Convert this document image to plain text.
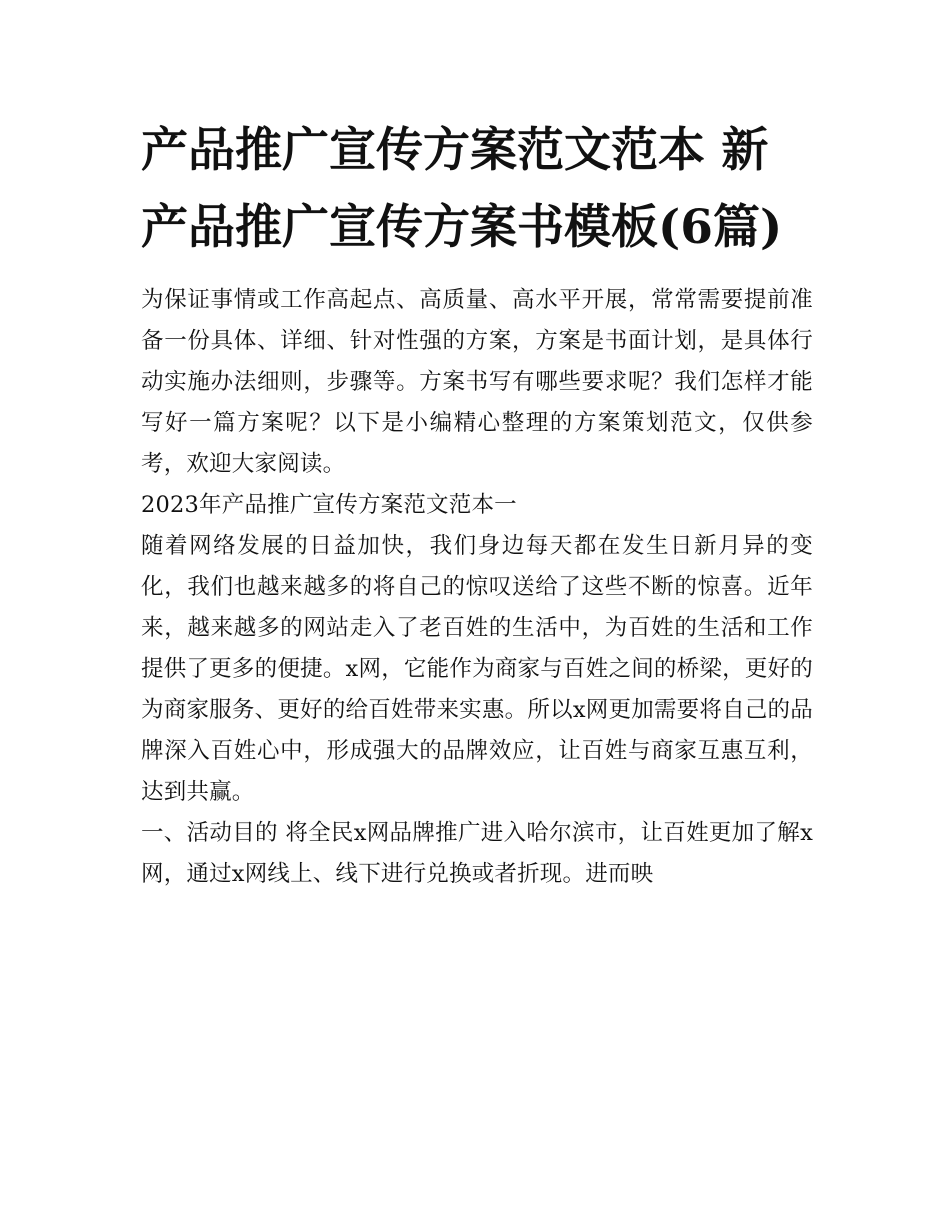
产品推广宣传方案范文范本 新产品推广宣传方案书模板(6篇)

为保证事情或工作高起点、高质量、高水平开展，常常需要提前准备一份具体、详细、针对性强的方案，方案是书面计划，是具体行动实施办法细则，步骤等。方案书写有哪些要求呢？我们怎样才能写好一篇方案呢？以下是小编精心整理的方案策划范文，仅供参考，欢迎大家阅读。

2023年产品推广宣传方案范文范本一

随着网络发展的日益加快，我们身边每天都在发生日新月异的变化，我们也越来越多的将自己的惊叹送给了这些不断的惊喜。近年来，越来越多的网站走入了老百姓的生活中，为百姓的生活和工作提供了更多的便捷。x网，它能作为商家与百姓之间的桥梁，更好的为商家服务、更好的给百姓带来实惠。所以x网更加需要将自己的品牌深入百姓心中，形成强大的品牌效应，让百姓与商家互惠互利，达到共赢。

一、活动目的 将全民x网品牌推广进入哈尔滨市，让百姓更加了解x网，通过x网线上、线下进行兑换或者折现。进而映
